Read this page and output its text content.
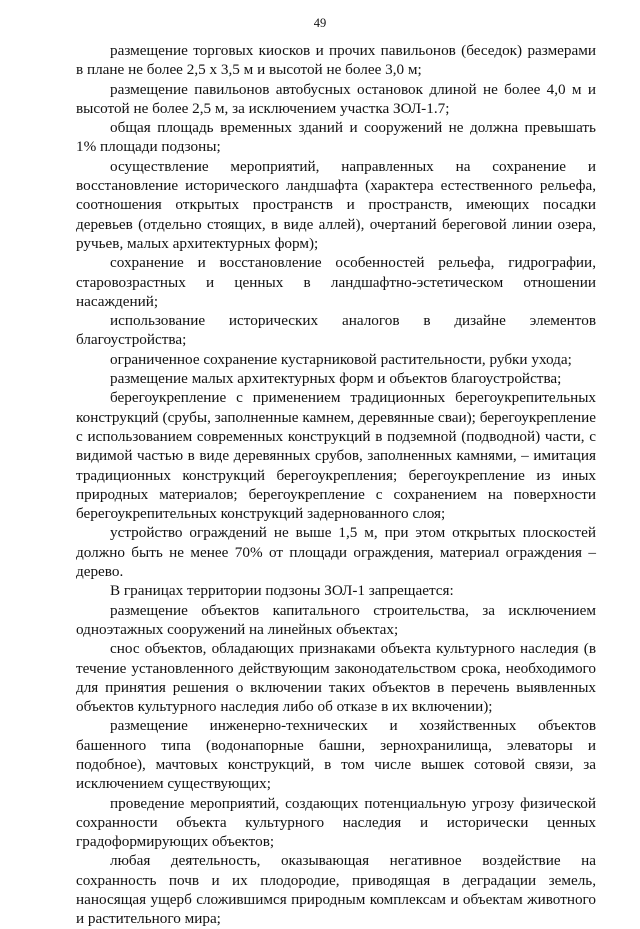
49

размещение торговых киосков и прочих павильонов (беседок) размерами в плане не более 2,5 х 3,5 м и высотой не более 3,0 м;

размещение павильонов автобусных остановок длиной не более 4,0 м и высотой не более 2,5 м, за исключением участка ЗОЛ-1.7;

общая площадь временных зданий и сооружений не должна превышать 1% площади подзоны;

осуществление мероприятий, направленных на сохранение и восстановление исторического ландшафта (характера естественного рельефа, соотношения открытых пространств и пространств, имеющих посадки деревьев (отдельно стоящих, в виде аллей), очертаний береговой линии озера, ручьев, малых архитектурных форм);

сохранение и восстановление особенностей рельефа, гидрографии, старовозрастных и ценных в ландшафтно-эстетическом отношении насаждений;

использование исторических аналогов в дизайне элементов благоустройства;

ограниченное сохранение кустарниковой растительности, рубки ухода;

размещение малых архитектурных форм и объектов благоустройства;

берегоукрепление с применением традиционных берегоукрепительных конструкций (срубы, заполненные камнем, деревянные сваи); берегоукрепление с использованием современных конструкций в подземной (подводной) части, с видимой частью в виде деревянных срубов, заполненных камнями, – имитация традиционных конструкций берегоукрепления; берегоукрепление из иных природных материалов; берегоукрепление с сохранением на поверхности берегоукрепительных конструкций задернованного слоя;

устройство ограждений не выше 1,5 м, при этом открытых плоскостей должно быть не менее 70% от площади ограждения, материал ограждения – дерево.

В границах территории подзоны ЗОЛ-1 запрещается:

размещение объектов капитального строительства, за исключением одноэтажных сооружений на линейных объектах;

снос объектов, обладающих признаками объекта культурного наследия (в течение установленного действующим законодательством срока, необходимого для принятия решения о включении таких объектов в перечень выявленных объектов культурного наследия либо об отказе в их включении);

размещение инженерно-технических и хозяйственных объектов башенного типа (водонапорные башни, зернохранилища, элеваторы и подобное), мачтовых конструкций, в том числе вышек сотовой связи, за исключением существующих;

проведение мероприятий, создающих потенциальную угрозу физической сохранности объекта культурного наследия и исторически ценных градоформирующих объектов;

любая деятельность, оказывающая негативное воздействие на сохранность почв и их плодородие, приводящая в деградации земель, наносящая ущерб сложившимся природным комплексам и объектам животного и растительного мира;
